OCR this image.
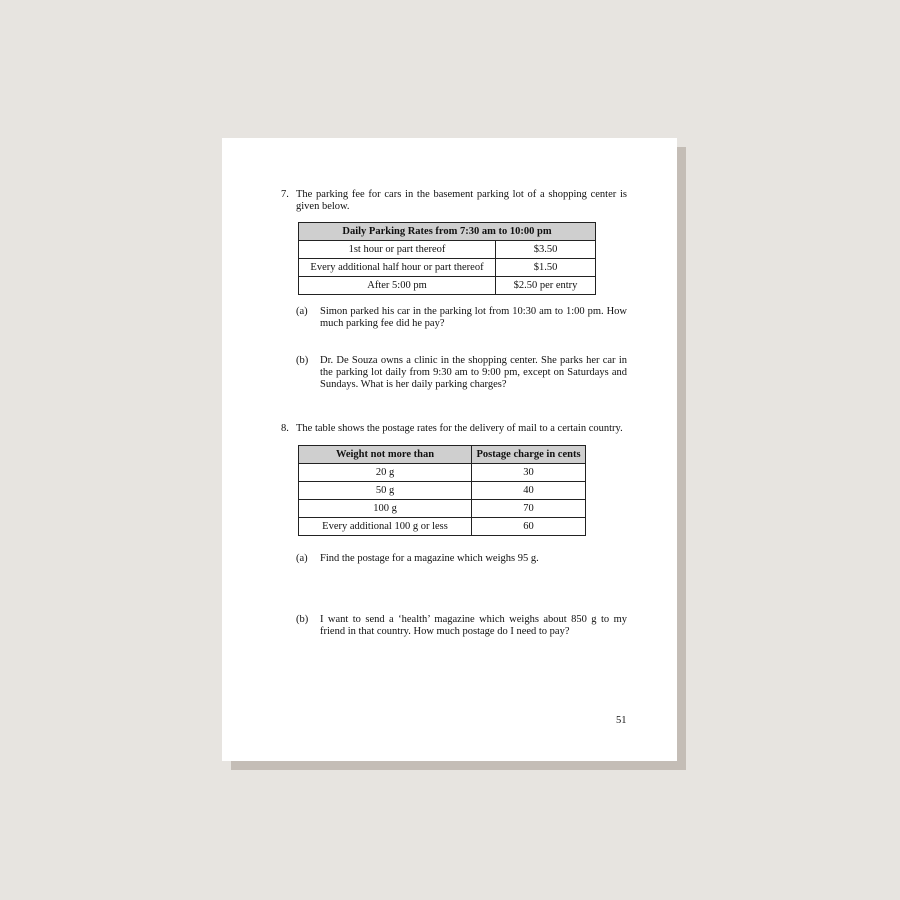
7. The parking fee for cars in the basement parking lot of a shopping center is given below.
Daily Parking Rates from 7:30 am to 10:00 pm	
1st hour or part thereof	$3.50
Every additional half hour or part thereof	$1.50
After 5:00 pm	$2.50 per entry
(a) Simon parked his car in the parking lot from 10:30 am to 1:00 pm. How much parking fee did he pay?
(b) Dr. De Souza owns a clinic in the shopping center. She parks her car in the parking lot daily from 9:30 am to 9:00 pm, except on Saturdays and Sundays. What is her daily parking charges?
8. The table shows the postage rates for the delivery of mail to a certain country.
Weight not more than	Postage charge in cents
20 g	30
50 g	40
100 g	70
Every additional 100 g or less	60
(a) Find the postage for a magazine which weighs 95 g.
(b) I want to send a ‘health’ magazine which weighs about 850 g to my friend in that country. How much postage do I need to pay?
51
